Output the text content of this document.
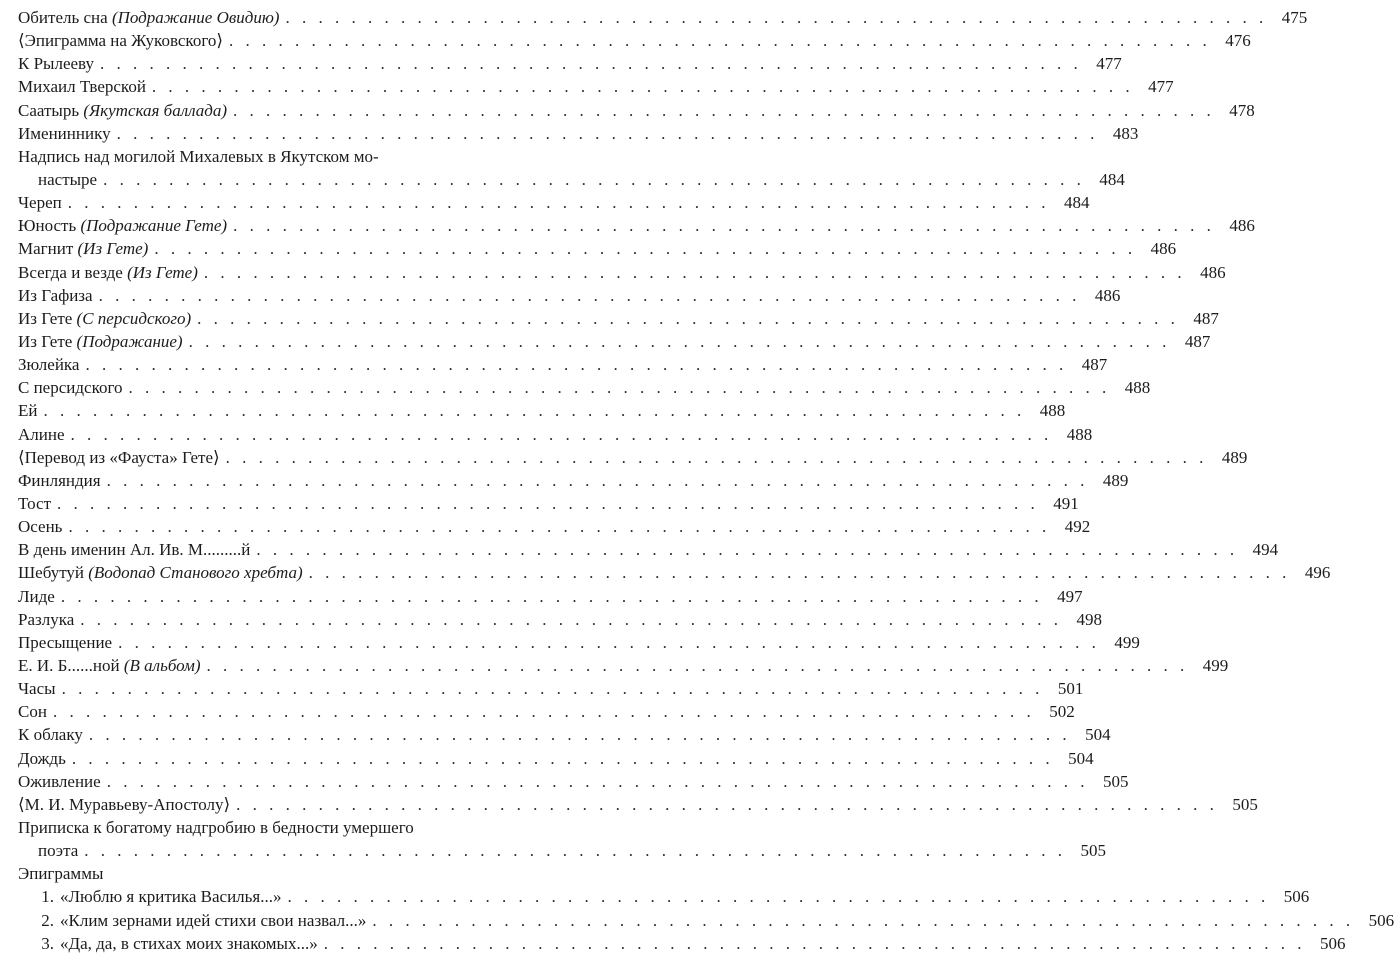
Обитель сна
(Подражание Овидию) . . . . . . . . . . . . . . . . . . . . . . . . . . . . . . . . . . . . . . . . . . . . . . . . . . . . . . . . . . . . 475
⟨Эпиграмма на Жуковского⟩ . . . . . . . . . . . . . . . . . . . . . . . . . . . . . . . . . . . . . . . . . . . . . . . . . . . . . . . . . . . . 476
К Рылееву . . . . . . . . . . . . . . . . . . . . . . . . . . . . . . . . . . . . . . . . . . . . . . . . . . . . . . . . . . . . 477
Михаил Тверской . . . . . . . . . . . . . . . . . . . . . . . . . . . . . . . . . . . . . . . . . . . . . . . . . . . . . . . . . . . . 477
Саатырь
(Якутская баллада) . . . . . . . . . . . . . . . . . . . . . . . . . . . . . . . . . . . . . . . . . . . . . . . . . . . . . . . . . . . . 478
Имениннику . . . . . . . . . . . . . . . . . . . . . . . . . . . . . . . . . . . . . . . . . . . . . . . . . . . . . . . . . . . . 483
Надпись над могилой Михалевых в Якутском мо-
настыре . . . . . . . . . . . . . . . . . . . . . . . . . . . . . . . . . . . . . . . . . . . . . . . . . . . . . . . . . . . . 484
Череп . . . . . . . . . . . . . . . . . . . . . . . . . . . . . . . . . . . . . . . . . . . . . . . . . . . . . . . . . . . . 484
Юность
(Подражание Гете) . . . . . . . . . . . . . . . . . . . . . . . . . . . . . . . . . . . . . . . . . . . . . . . . . . . . . . . . . . . . 486
Магнит
(Из Гете) . . . . . . . . . . . . . . . . . . . . . . . . . . . . . . . . . . . . . . . . . . . . . . . . . . . . . . . . . . . . 486
Всегда и везде
(Из Гете) . . . . . . . . . . . . . . . . . . . . . . . . . . . . . . . . . . . . . . . . . . . . . . . . . . . . . . . . . . . . 486
Из Гафиза . . . . . . . . . . . . . . . . . . . . . . . . . . . . . . . . . . . . . . . . . . . . . . . . . . . . . . . . . . . . 486
Из Гете
(С персидского) . . . . . . . . . . . . . . . . . . . . . . . . . . . . . . . . . . . . . . . . . . . . . . . . . . . . . . . . . . . . 487
Из Гете
(Подражание) . . . . . . . . . . . . . . . . . . . . . . . . . . . . . . . . . . . . . . . . . . . . . . . . . . . . . . . . . . . . 487
Зюлейка . . . . . . . . . . . . . . . . . . . . . . . . . . . . . . . . . . . . . . . . . . . . . . . . . . . . . . . . . . . . 487
С персидского . . . . . . . . . . . . . . . . . . . . . . . . . . . . . . . . . . . . . . . . . . . . . . . . . . . . . . . . . . . . 488
Ей . . . . . . . . . . . . . . . . . . . . . . . . . . . . . . . . . . . . . . . . . . . . . . . . . . . . . . . . . . . . 488
Алине . . . . . . . . . . . . . . . . . . . . . . . . . . . . . . . . . . . . . . . . . . . . . . . . . . . . . . . . . . . . 488
⟨Перевод из «Фауста» Гете⟩ . . . . . . . . . . . . . . . . . . . . . . . . . . . . . . . . . . . . . . . . . . . . . . . . . . . . . . . . . . . . 489
Финляндия . . . . . . . . . . . . . . . . . . . . . . . . . . . . . . . . . . . . . . . . . . . . . . . . . . . . . . . . . . . . 489
Тост . . . . . . . . . . . . . . . . . . . . . . . . . . . . . . . . . . . . . . . . . . . . . . . . . . . . . . . . . . . . 491
Осень . . . . . . . . . . . . . . . . . . . . . . . . . . . . . . . . . . . . . . . . . . . . . . . . . . . . . . . . . . . . 492
В день именин Ал. Ив. М.........й . . . . . . . . . . . . . . . . . . . . . . . . . . . . . . . . . . . . . . . . . . . . . . . . . . . . . . . . . . . . 494
Шебутуй
(Водопад Станового хребта) . . . . . . . . . . . . . . . . . . . . . . . . . . . . . . . . . . . . . . . . . . . . . . . . . . . . . . . . . . . . 496
Лиде . . . . . . . . . . . . . . . . . . . . . . . . . . . . . . . . . . . . . . . . . . . . . . . . . . . . . . . . . . . . 497
Разлука . . . . . . . . . . . . . . . . . . . . . . . . . . . . . . . . . . . . . . . . . . . . . . . . . . . . . . . . . . . . 498
Пресыщение . . . . . . . . . . . . . . . . . . . . . . . . . . . . . . . . . . . . . . . . . . . . . . . . . . . . . . . . . . . . 499
Е. И. Б......ной
(В альбом) . . . . . . . . . . . . . . . . . . . . . . . . . . . . . . . . . . . . . . . . . . . . . . . . . . . . . . . . . . . . 499
Часы . . . . . . . . . . . . . . . . . . . . . . . . . . . . . . . . . . . . . . . . . . . . . . . . . . . . . . . . . . . . 501
Сон . . . . . . . . . . . . . . . . . . . . . . . . . . . . . . . . . . . . . . . . . . . . . . . . . . . . . . . . . . . . 502
К облаку . . . . . . . . . . . . . . . . . . . . . . . . . . . . . . . . . . . . . . . . . . . . . . . . . . . . . . . . . . . . 504
Дождь . . . . . . . . . . . . . . . . . . . . . . . . . . . . . . . . . . . . . . . . . . . . . . . . . . . . . . . . . . . . 504
Оживление . . . . . . . . . . . . . . . . . . . . . . . . . . . . . . . . . . . . . . . . . . . . . . . . . . . . . . . . . . . . 505
⟨М. И. Муравьеву-Апостолу⟩ . . . . . . . . . . . . . . . . . . . . . . . . . . . . . . . . . . . . . . . . . . . . . . . . . . . . . . . . . . . . 505
Приписка к богатому надгробию в бедности умершего
поэта . . . . . . . . . . . . . . . . . . . . . . . . . . . . . . . . . . . . . . . . . . . . . . . . . . . . . . . . . . . . 505
Эпиграммы
1. «Люблю я критика Василья...» . . . . . . . . . . . . . . . . . . . . . . . . . . . . . . . . . . . . . . . . . . . . . . . . . . . . . . . . . . . . 506
2. «Клим зернами идей стихи свои назвал...» . . . . . . . . . . . . . . . . . . . . . . . . . . . . . . . . . . . . . . . . . . . . . . . . . . . . . . . . . . . . 506
3. «Да, да, в стихах моих знакомых...» . . . . . . . . . . . . . . . . . . . . . . . . . . . . . . . . . . . . . . . . . . . . . . . . . . . . . . . . . . . . 506
